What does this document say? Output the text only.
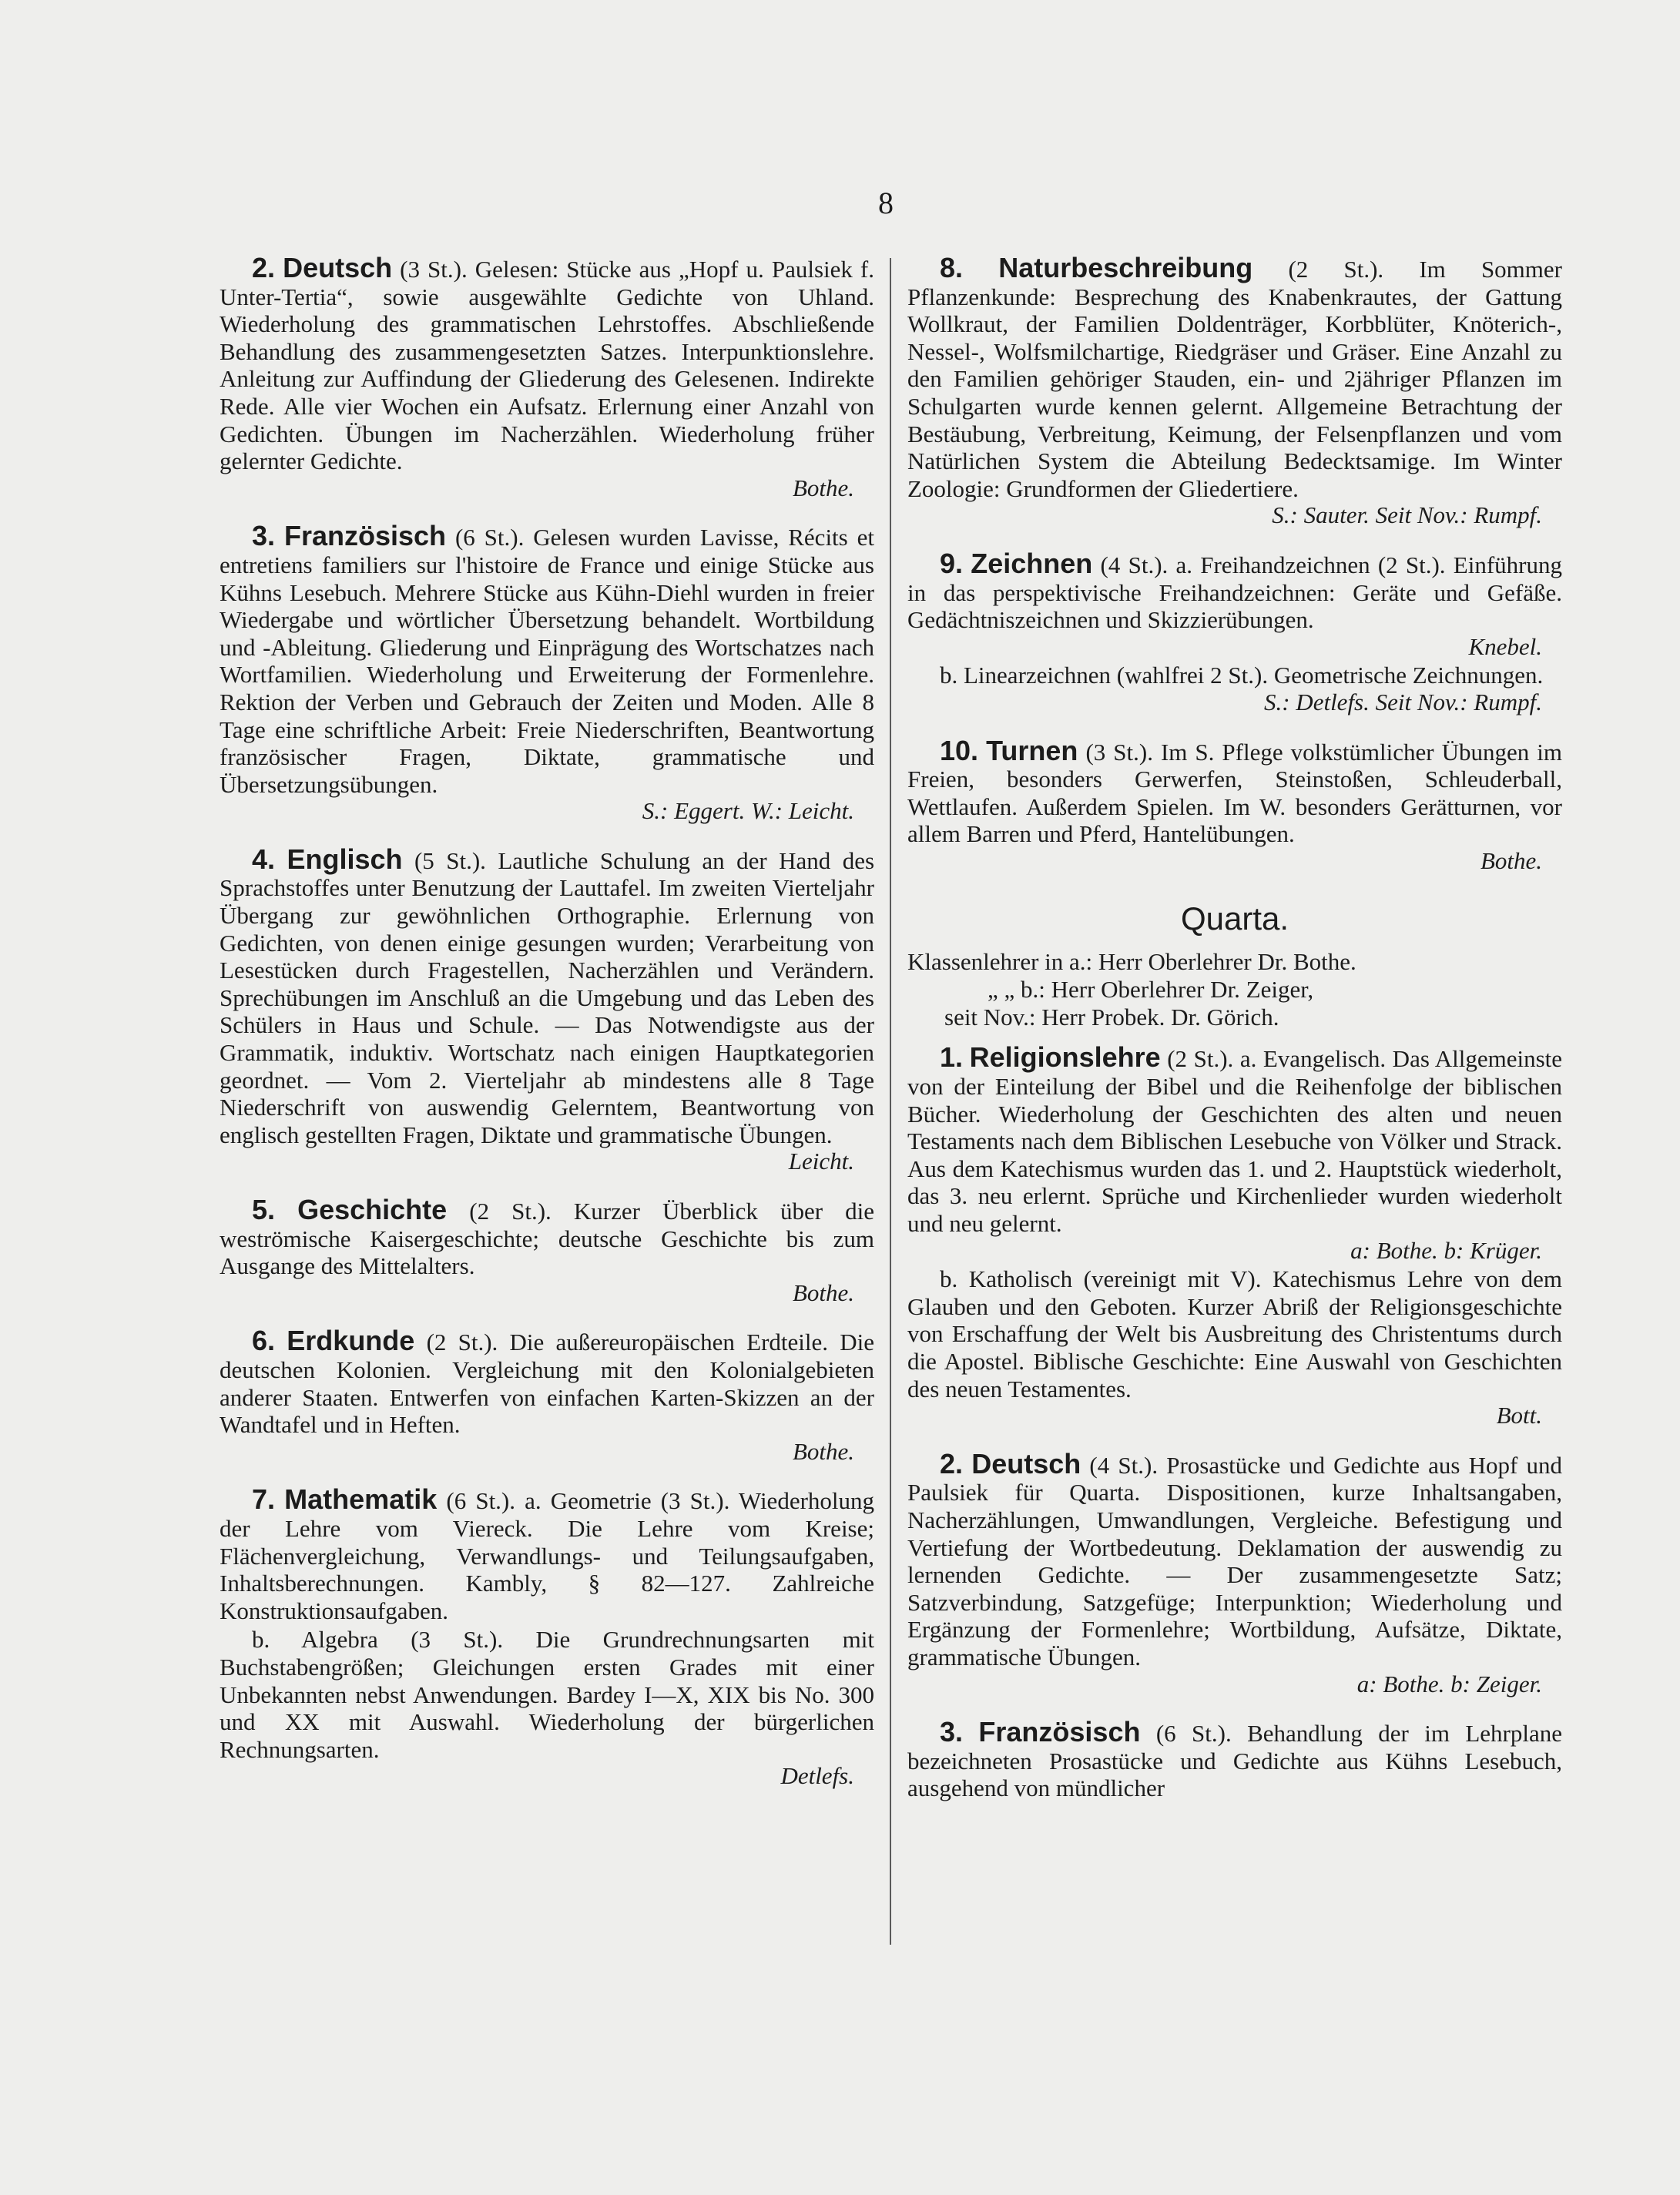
8
2. Deutsch (3 St.). Gelesen: Stücke aus „Hopf u. Paulsiek f. Unter-Tertia“, sowie ausgewählte Gedichte von Uhland. Wiederholung des grammatischen Lehrstoffes. Abschließende Behandlung des zusammengesetzten Satzes. Interpunktionslehre. Anleitung zur Auffindung der Gliederung des Gelesenen. Indirekte Rede. Alle vier Wochen ein Aufsatz. Erlernung einer Anzahl von Gedichten. Übungen im Nacherzählen. Wiederholung früher gelernter Gedichte.
Bothe.
3. Französisch (6 St.). Gelesen wurden Lavisse, Récits et entretiens familiers sur l'histoire de France und einige Stücke aus Kühns Lesebuch. Mehrere Stücke aus Kühn-Diehl wurden in freier Wiedergabe und wörtlicher Übersetzung behandelt. Wortbildung und -Ableitung. Gliederung und Einprägung des Wortschatzes nach Wortfamilien. Wiederholung und Erweiterung der Formenlehre. Rektion der Verben und Gebrauch der Zeiten und Moden. Alle 8 Tage eine schriftliche Arbeit: Freie Niederschriften, Beantwortung französischer Fragen, Diktate, grammatische und Übersetzungsübungen.
S.: Eggert. W.: Leicht.
4. Englisch (5 St.). Lautliche Schulung an der Hand des Sprachstoffes unter Benutzung der Lauttafel. Im zweiten Vierteljahr Übergang zur gewöhnlichen Orthographie. Erlernung von Gedichten, von denen einige gesungen wurden; Verarbeitung von Lesestücken durch Fragestellen, Nacherzählen und Verändern. Sprechübungen im Anschluß an die Umgebung und das Leben des Schülers in Haus und Schule. — Das Notwendigste aus der Grammatik, induktiv. Wortschatz nach einigen Hauptkategorien geordnet. — Vom 2. Vierteljahr ab mindestens alle 8 Tage Niederschrift von auswendig Gelerntem, Beantwortung von englisch gestellten Fragen, Diktate und grammatische Übungen.
Leicht.
5. Geschichte (2 St.). Kurzer Überblick über die weströmische Kaisergeschichte; deutsche Geschichte bis zum Ausgange des Mittelalters.
Bothe.
6. Erdkunde (2 St.). Die außereuropäischen Erdteile. Die deutschen Kolonien. Vergleichung mit den Kolonialgebieten anderer Staaten. Entwerfen von einfachen Karten-Skizzen an der Wandtafel und in Heften.
Bothe.
7. Mathematik (6 St.). a. Geometrie (3 St.). Wiederholung der Lehre vom Viereck. Die Lehre vom Kreise; Flächenvergleichung, Verwandlungs- und Teilungsaufgaben, Inhaltsberechnungen. Kambly, § 82—127. Zahlreiche Konstruktionsaufgaben.
b. Algebra (3 St.). Die Grundrechnungsarten mit Buchstabengrößen; Gleichungen ersten Grades mit einer Unbekannten nebst Anwendungen. Bardey I—X, XIX bis No. 300 und XX mit Auswahl. Wiederholung der bürgerlichen Rechnungsarten.
Detlefs.
8. Naturbeschreibung (2 St.). Im Sommer Pflanzenkunde: Besprechung des Knabenkrautes, der Gattung Wollkraut, der Familien Doldenträger, Korbblüter, Knöterich-, Nessel-, Wolfsmilchartige, Riedgräser und Gräser. Eine Anzahl zu den Familien gehöriger Stauden, ein- und 2jähriger Pflanzen im Schulgarten wurde kennen gelernt. Allgemeine Betrachtung der Bestäubung, Verbreitung, Keimung, der Felsenpflanzen und vom Natürlichen System die Abteilung Bedecktsamige. Im Winter Zoologie: Grundformen der Gliedertiere.
S.: Sauter. Seit Nov.: Rumpf.
9. Zeichnen (4 St.). a. Freihandzeichnen (2 St.). Einführung in das perspektivische Freihandzeichnen: Geräte und Gefäße. Gedächtniszeichnen und Skizzierübungen.
Knebel.
b. Linearzeichnen (wahlfrei 2 St.). Geometrische Zeichnungen.
S.: Detlefs. Seit Nov.: Rumpf.
10. Turnen (3 St.). Im S. Pflege volkstümlicher Übungen im Freien, besonders Gerwerfen, Steinstoßen, Schleuderball, Wettlaufen. Außerdem Spielen. Im W. besonders Gerätturnen, vor allem Barren und Pferd, Hantelübungen.
Bothe.
Quarta.
Klassenlehrer in a.: Herr Oberlehrer Dr. Bothe.
„ „ b.: Herr Oberlehrer Dr. Zeiger,
seit Nov.: Herr Probek. Dr. Görich.
1. Religionslehre (2 St.). a. Evangelisch. Das Allgemeinste von der Einteilung der Bibel und die Reihenfolge der biblischen Bücher. Wiederholung der Geschichten des alten und neuen Testaments nach dem Biblischen Lesebuche von Völker und Strack. Aus dem Katechismus wurden das 1. und 2. Hauptstück wiederholt, das 3. neu erlernt. Sprüche und Kirchenlieder wurden wiederholt und neu gelernt.
a: Bothe. b: Krüger.
b. Katholisch (vereinigt mit V). Katechismus Lehre von dem Glauben und den Geboten. Kurzer Abriß der Religionsgeschichte von Erschaffung der Welt bis Ausbreitung des Christentums durch die Apostel. Biblische Geschichte: Eine Auswahl von Geschichten des neuen Testamentes.
Bott.
2. Deutsch (4 St.). Prosastücke und Gedichte aus Hopf und Paulsiek für Quarta. Dispositionen, kurze Inhaltsangaben, Nacherzählungen, Umwandlungen, Vergleiche. Befestigung und Vertiefung der Wortbedeutung. Deklamation der auswendig zu lernenden Gedichte. — Der zusammengesetzte Satz; Satzverbindung, Satzgefüge; Interpunktion; Wiederholung und Ergänzung der Formenlehre; Wortbildung, Aufsätze, Diktate, grammatische Übungen.
a: Bothe. b: Zeiger.
3. Französisch (6 St.). Behandlung der im Lehrplane bezeichneten Prosastücke und Gedichte aus Kühns Lesebuch, ausgehend von mündlicher
